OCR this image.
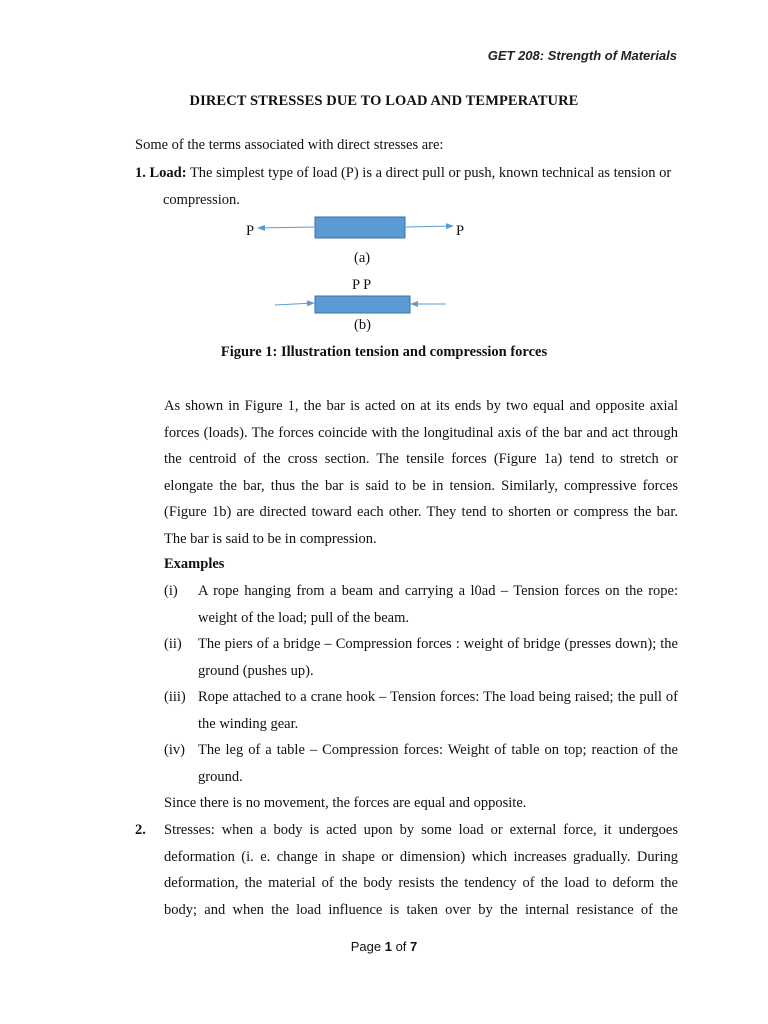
GET 208: Strength of Materials
DIRECT STRESSES DUE TO LOAD AND TEMPERATURE
Some of the terms associated with direct stresses are:
1. Load: The simplest type of load (P) is a direct pull or push, known technical as tension or compression.
P	P
(a)
P P
(b)
Figure 1: Illustration tension and compression forces
As shown in Figure 1, the bar is acted on at its ends by two equal and opposite axial forces (loads). The forces coincide with the longitudinal axis of the bar and act through the centroid of the cross section. The tensile forces (Figure 1a) tend to stretch or elongate the bar, thus the bar is said to be in tension. Similarly, compressive forces (Figure 1b) are directed toward each other. They tend to shorten or compress the bar. The bar is said to be in compression.
Examples
(i) A rope hanging from a beam and carrying a l0ad – Tension forces on the rope: weight of the load; pull of the beam.
(ii) The piers of a bridge – Compression forces : weight of bridge (presses down); the ground (pushes up).
(iii) Rope attached to a crane hook – Tension forces: The load being raised; the pull of the winding gear.
(iv) The leg of a table – Compression forces: Weight of table on top; reaction of the ground.
Since there is no movement, the forces are equal and opposite.
2. Stresses: when a body is acted upon by some load or external force, it undergoes deformation (i. e. change in shape or dimension) which increases gradually. During deformation, the material of the body resists the tendency of the load to deform the body; and when the load influence is taken over by the internal resistance of the
Page 1 of 7
